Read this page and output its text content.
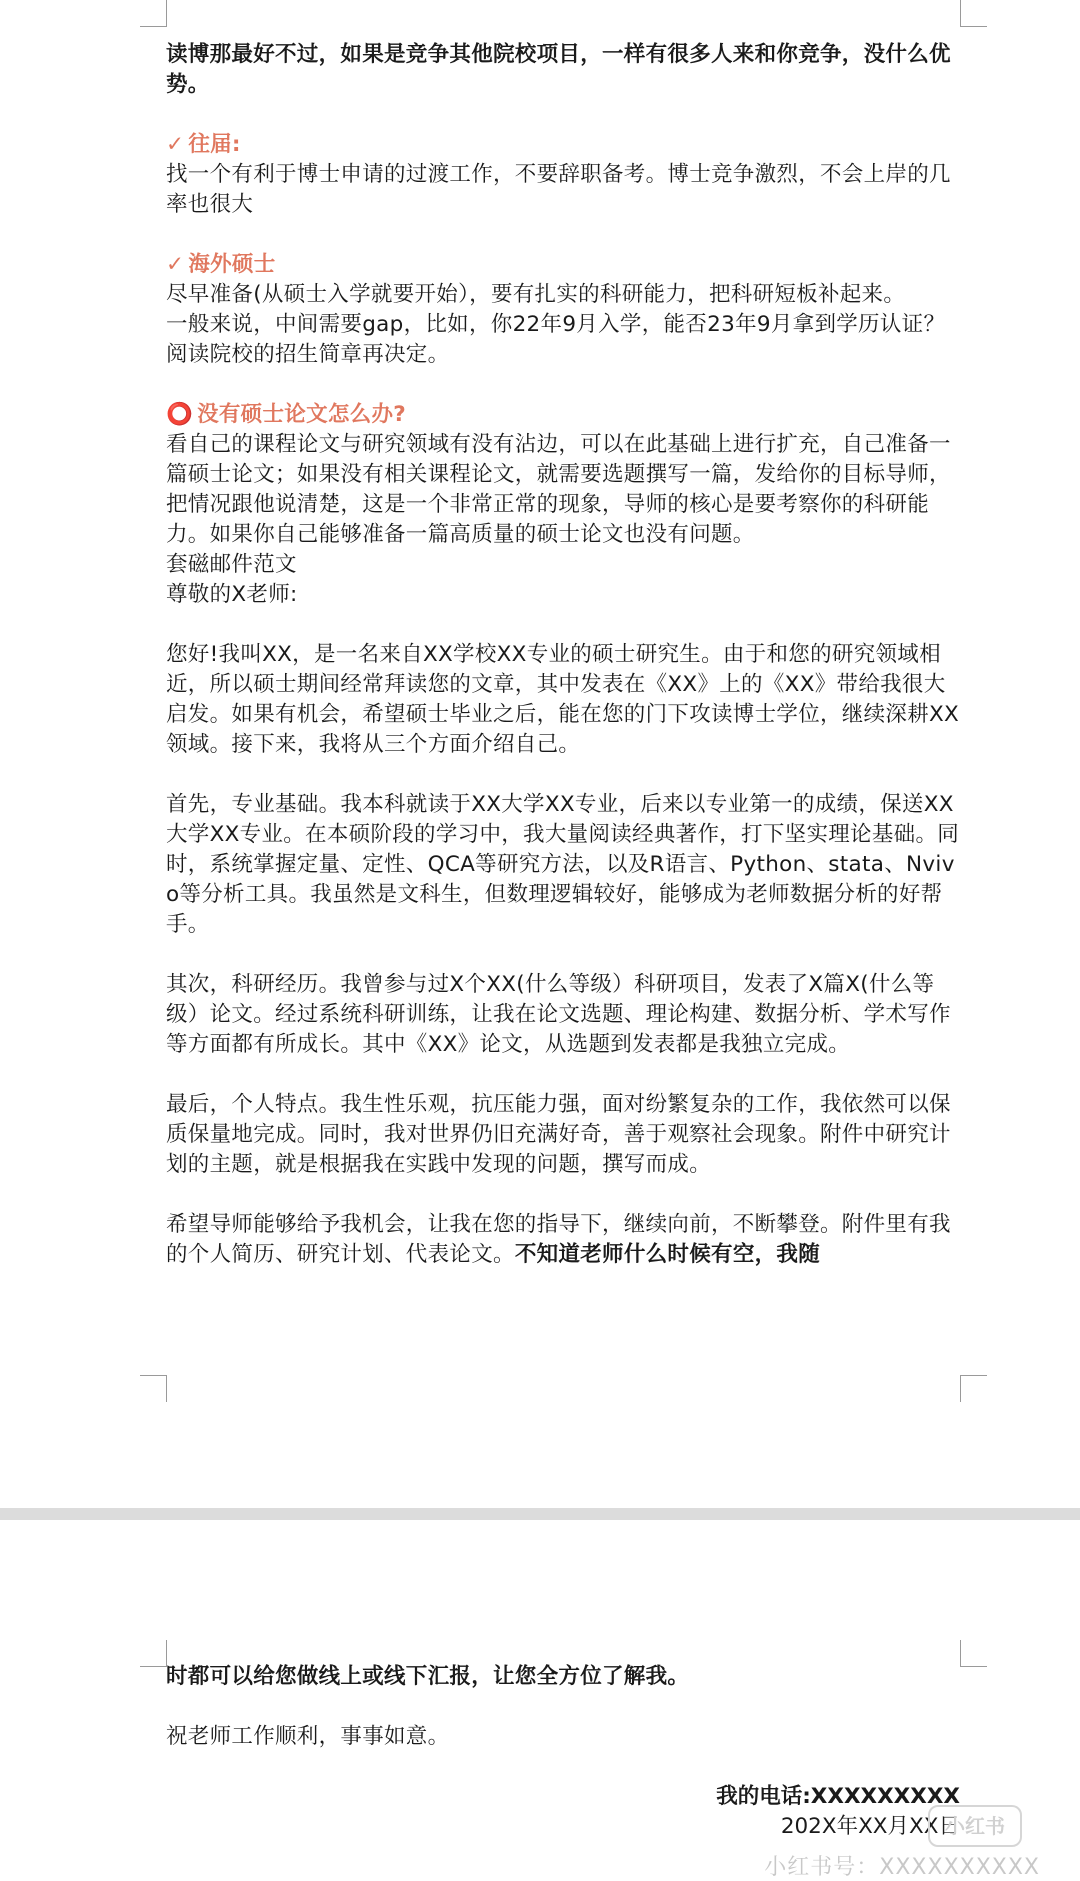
读博那最好不过，如果是竞争其他院校项目，一样有很多人来和你竞争，没什么优势。

✓ 往届:

找一个有利于博士申请的过渡工作，不要辞职备考。博士竞争激烈，不会上岸的几率也很大

✓ 海外硕士

尽早准备(从硕士入学就要开始），要有扎实的科研能力，把科研短板补起来。

一般来说，中间需要gap，比如，你22年9月入学，能否23年9月拿到学历认证？阅读院校的招生简章再决定。

⭕ 没有硕士论文怎么办?

看自己的课程论文与研究领域有没有沾边，可以在此基础上进行扩充，自己准备一篇硕士论文；如果没有相关课程论文，就需要选题撰写一篇，发给你的目标导师，把情况跟他说清楚，这是一个非常正常的现象，导师的核心是要考察你的科研能力。如果你自己能够准备一篇高质量的硕士论文也没有问题。

套磁邮件范文

尊敬的X老师:

您好!我叫XX，是一名来自XX学校XX专业的硕士研究生。由于和您的研究领域相近，所以硕士期间经常拜读您的文章，其中发表在《XX》上的《XX》带给我很大启发。如果有机会，希望硕士毕业之后，能在您的门下攻读博士学位，继续深耕XX领域。接下来，我将从三个方面介绍自己。

首先，专业基础。我本科就读于XX大学XX专业，后来以专业第一的成绩，保送XX大学XX专业。在本硕阶段的学习中，我大量阅读经典著作，打下坚实理论基础。同时，系统掌握定量、定性、QCA等研究方法，以及R语言、Python、stata、Nvivo等分析工具。我虽然是文科生，但数理逻辑较好，能够成为老师数据分析的好帮手。

其次，科研经历。我曾参与过X个XX(什么等级）科研项目，发表了X篇X(什么等级）论文。经过系统科研训练，让我在论文选题、理论构建、数据分析、学术写作等方面都有所成长。其中《XX》论文，从选题到发表都是我独立完成。

最后，个人特点。我生性乐观，抗压能力强，面对纷繁复杂的工作，我依然可以保质保量地完成。同时，我对世界仍旧充满好奇，善于观察社会现象。附件中研究计划的主题，就是根据我在实践中发现的问题，撰写而成。

希望导师能够给予我机会，让我在您的指导下，继续向前，不断攀登。附件里有我的个人简历、研究计划、代表论文。不知道老师什么时候有空，我随

时都可以给您做线上或线下汇报，让您全方位了解我。

祝老师工作顺利，事事如意。

我的电话:XXXXXXXXX
202X年XX月XX日
小红书
小红书号：XXXXXXXXXX
